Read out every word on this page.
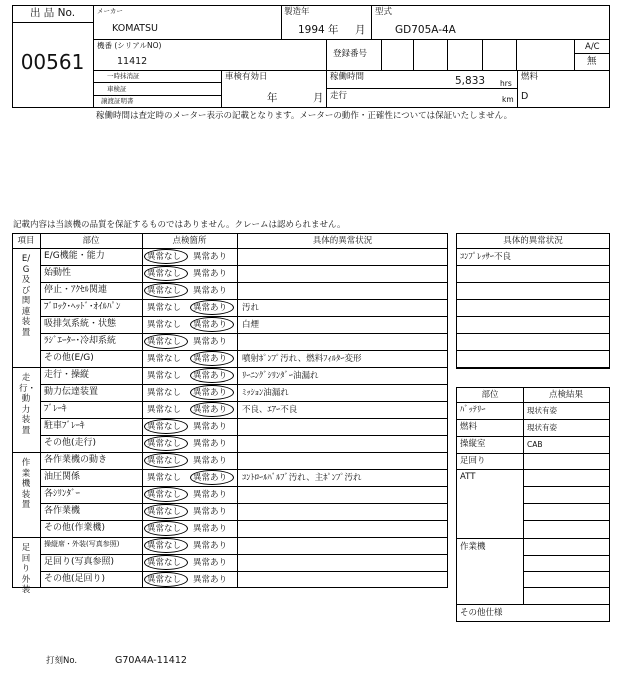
出 品 No.
00561
メーカー
KOMATSU
製造年
1994 年 月
型式
GD705A-4A
機番 (シリアルNO)
11412
登録番号
A/C
無
一時抹消証
車検証
譲渡証明書
車検有効日
年	月
稼働時間	5,833 hrs
走行	km
燃料
D
稼働時間は査定時のメーター表示の記載となります。メーターの動作・正確性については保証いたしません。
記載内容は当該機の品質を保証するものではありません。クレームは認められません。
項目	部位	点検箇所	具体的異常状況
E/G及び関連装置
E/G機能・能力	異常なし 異常あり
始動性	異常なし 異常あり
停止・ｱｸｾﾙ関連	異常なし 異常あり
ﾌﾞﾛｯｸ･ﾍｯﾄﾞ･ｵｲﾙﾊﾟﾝ	異常なし 異常あり 汚れ
吸排気系統・状態	異常なし 異常あり 白煙
ﾗｼﾞｴｰﾀｰ･冷却系統	異常なし 異常あり
その他(E/G)	異常なし 異常あり 噴射ﾎﾟﾝﾌﾟ汚れ、燃料ﾌｨﾙﾀｰ変形
走行・動力装置
走行・操縦	異常なし 異常あり ﾘｰﾆﾝｸﾞｼﾘﾝﾀﾞｰ油漏れ
動力伝達装置	異常なし 異常あり ﾐｯｼｮﾝ油漏れ
ﾌﾞﾚｰｷ	異常なし 異常あり 不良、ｴｱｰ不良
駐車ﾌﾞﾚｰｷ	異常なし 異常あり
その他(走行)	異常なし 異常あり
作業機装置
各作業機の動き	異常なし 異常あり
油圧関係	異常なし 異常あり ｺﾝﾄﾛｰﾙﾊﾞﾙﾌﾞ汚れ、主ﾎﾟﾝﾌﾟ汚れ
各ｼﾘﾝﾀﾞｰ	異常なし 異常あり
各作業機	異常なし 異常あり
その他(作業機)	異常なし 異常あり
足回り外装
操縦席・外装(写真参照)	異常なし 異常あり
足回り(写真参照)	異常なし 異常あり
その他(足回り)	異常なし 異常あり
具体的異常状況
ｺﾝﾌﾟﾚｯｻｰ不良
部位	点検結果
ﾊﾞｯﾃﾘｰ	現状有姿
燃料	現状有姿
操縦室	CAB
足回り
ATT
作業機
その他仕様
打刻No.	G70A4A-11412
